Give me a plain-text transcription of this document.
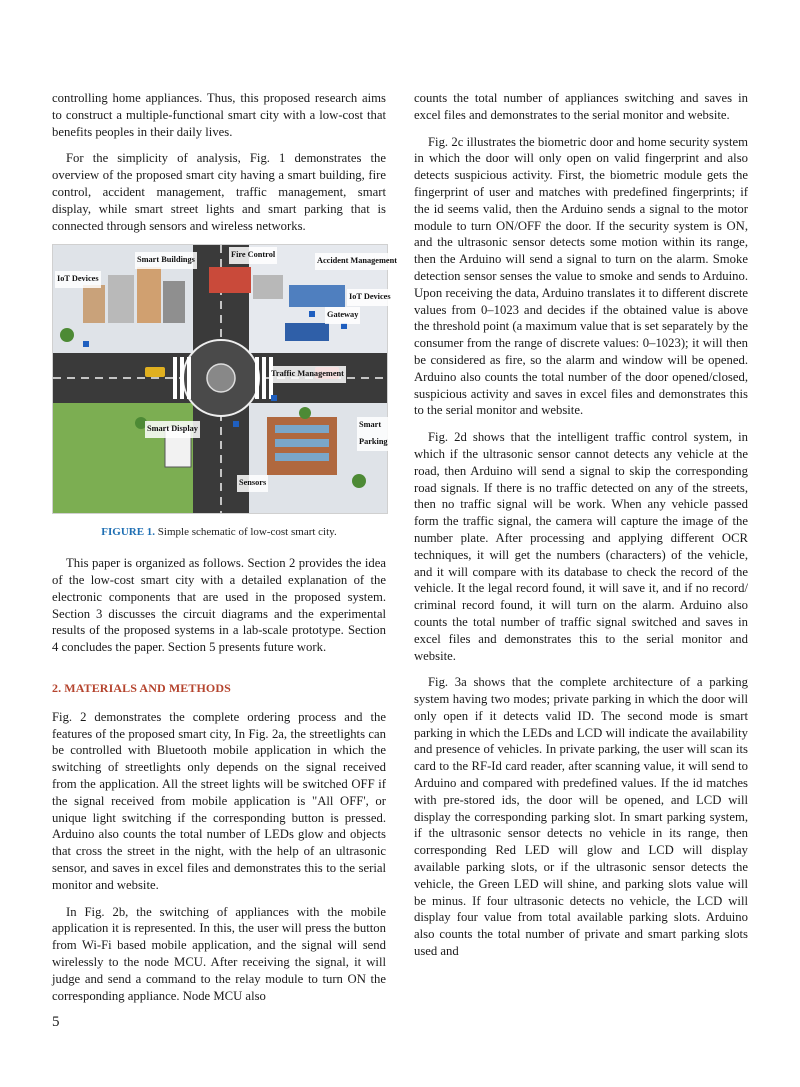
controlling home appliances. Thus, this proposed research aims to construct a multiple-functional smart city with a low-cost that benefits peoples in their daily lives.

For the simplicity of analysis, Fig. 1 demonstrates the overview of the proposed smart city having a smart building, fire control, accident management, traffic management, smart display, while smart street lights and smart parking that is connected through sensors and wireless networks.

IoT Devices
Smart Buildings
Fire Control
Accident Management
IoT Devices
Gateway
Traffic Management
Smart Display	Smart Parking
Sensors
FIGURE 1. Simple schematic of low-cost smart city.

This paper is organized as follows. Section 2 provides the idea of the low-cost smart city with a detailed explanation of the electronic components that are used in the proposed system. Section 3 discusses the circuit diagrams and the experimental results of the proposed systems in a lab-scale prototype. Section 4 concludes the paper. Section 5 presents future work.

2. MATERIALS AND METHODS

Fig. 2 demonstrates the complete ordering process and the features of the proposed smart city, In Fig. 2a, the streetlights can be controlled with Bluetooth mobile application in which the switching of streetlights only depends on the signal received from the application. All the street lights will be switched OFF if the signal received from mobile application is "All OFF', or unique light switching if the corresponding button is pressed. Arduino also counts the total number of LEDs glow and objects that cross the street in the night, with the help of an ultrasonic sensor, and saves in excel files and demonstrates this to the serial monitor and website.

In Fig. 2b, the switching of appliances with the mobile application it is represented. In this, the user will press the button from Wi-Fi based mobile application, and the signal will send wirelessly to the node MCU. After receiving the signal, it will judge and send a command to the relay module to turn ON the corresponding appliance. Node MCU also

counts the total number of appliances switching and saves in excel files and demonstrates to the serial monitor and website.

Fig. 2c illustrates the biometric door and home security system in which the door will only open on valid fingerprint and also detects suspicious activity. First, the biometric module gets the fingerprint of user and matches with predefined fingerprints; if the id seems valid, then the Arduino sends a signal to the motor module to turn ON/OFF the door. If the security system is ON, and the ultrasonic sensor detects some motion within its range, then the Arduino will send a signal to turn on the alarm. Smoke detection sensor senses the value to smoke and sends to Arduino. Upon receiving the data, Arduino translates it to different discrete values from 0–1023 and decides if the obtained value is above the threshold point (a maximum value that is set separately by the consumer from the range of discrete values: 0–1023); it will then be considered as fire, so the alarm and window will be opened. Arduino also counts the total number of the door opened/closed, suspicious activity and saves in excel files and demonstrates this to the serial monitor and website.

Fig. 2d shows that the intelligent traffic control system, in which if the ultrasonic sensor cannot detects any vehicle at the road, then Arduino will send a signal to skip the corresponding road signals. If there is no traffic detected on any of the streets, then no traffic signal will be work. When any vehicle passed form the traffic signal, the camera will capture the image of the number plate. After processing and applying different OCR techniques, it will get the numbers (characters) of the vehicle, and it will compare with its database to check the record of the vehicle. It the legal record found, it will save it, and if no record/ criminal record found, it will turn on the alarm. Arduino also counts the total number of traffic signal switched and saves in excel files and demonstrates this to the serial monitor and website.

Fig. 3a shows that the complete architecture of a parking system having two modes; private parking in which the door will only open if it detects valid ID. The second mode is smart parking in which the LEDs and LCD will indicate the availability and presence of vehicles. In private parking, the user will scan its card to the RF-Id card reader, after scanning value, it will send to Arduino and compared with predefined values. If the id matches with pre-stored ids, the door will be opened, and LCD will display the corresponding parking slot. In smart parking system, if the ultrasonic sensor detects no vehicle in its range, then corresponding Red LED will glow and LCD will display available parking slots, or if the ultrasonic sensor detects the vehicle, the Green LED will shine, and parking slots value will be minus. If four ultrasonic detects no vehicle, the LCD will display four value from total available parking slots. Arduino also counts the total number of private and smart parking slots used and

5
